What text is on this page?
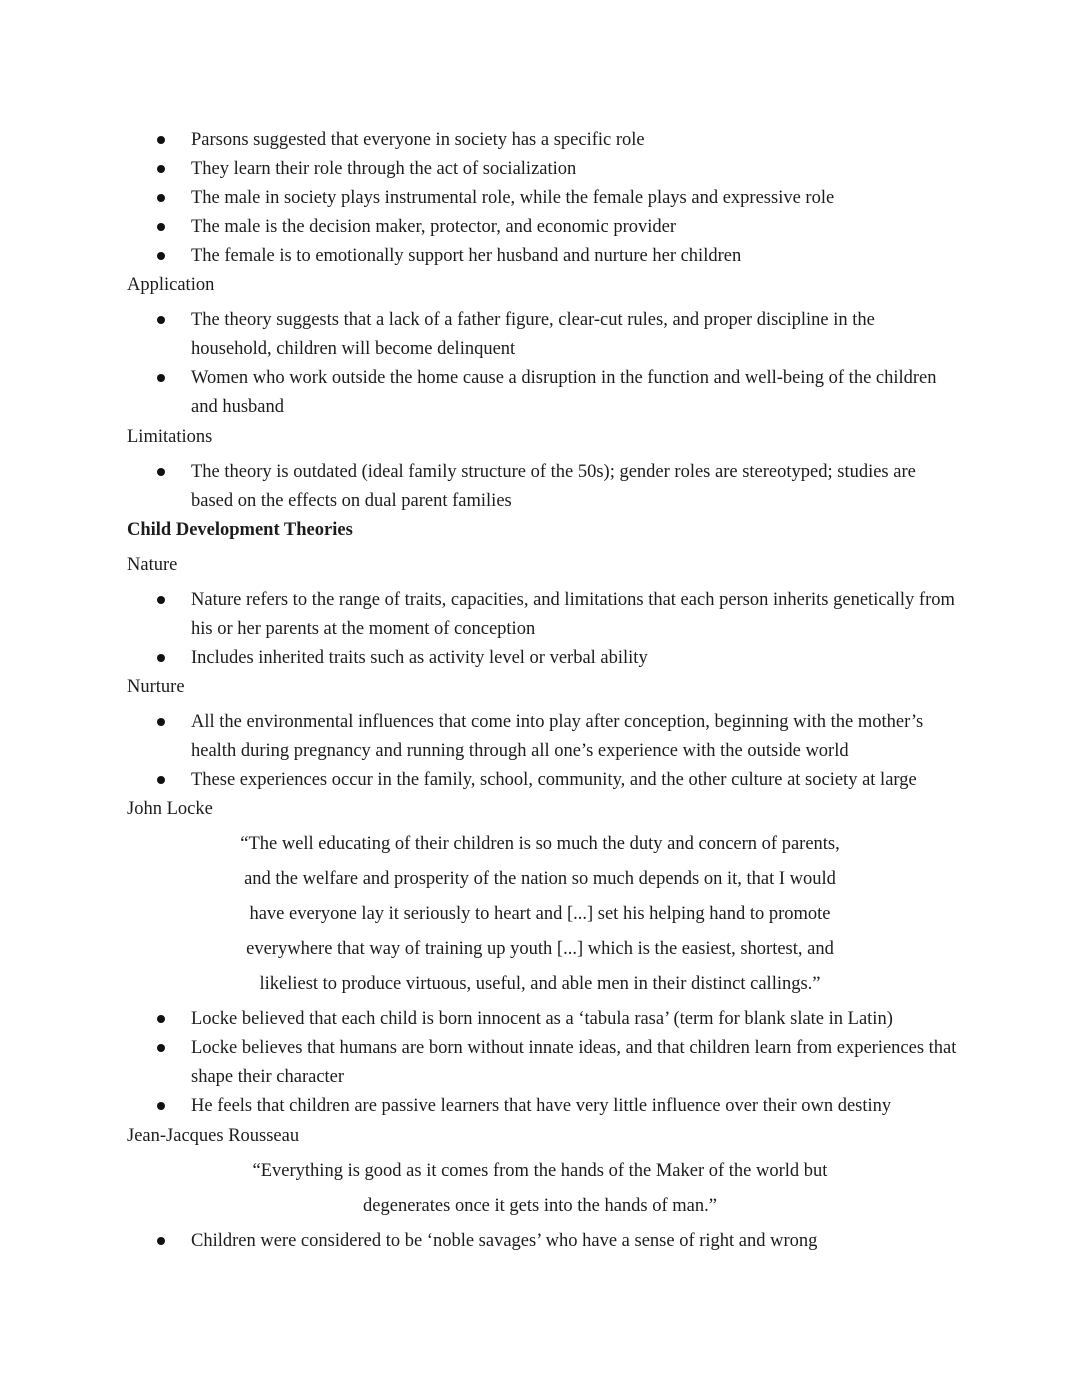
Parsons suggested that everyone in society has a specific role
They learn their role through the act of socialization
The male in society plays instrumental role, while the female plays and expressive role
The male is the decision maker, protector, and economic provider
The female is to emotionally support her husband and nurture her children
Application
The theory suggests that a lack of a father figure, clear-cut rules, and proper discipline in the household, children will become delinquent
Women who work outside the home cause a disruption in the function and well-being of the children and husband
Limitations
The theory is outdated (ideal family structure of the 50s); gender roles are stereotyped; studies are based on the effects on dual parent families
Child Development Theories
Nature
Nature refers to the range of traits, capacities, and limitations that each person inherits genetically from his or her parents at the moment of conception
Includes inherited traits such as activity level or verbal ability
Nurture
All the environmental influences that come into play after conception, beginning with the mother’s health during pregnancy and running through all one’s experience with the outside world
These experiences occur in the family, school, community, and the other culture at society at large
John Locke
“The well educating of their children is so much the duty and concern of parents,
and the welfare and prosperity of the nation so much depends on it, that I would
have everyone lay it seriously to heart and [...] set his helping hand to promote
everywhere that way of training up youth [...] which is the easiest, shortest, and
likeliest to produce virtuous, useful, and able men in their distinct callings.”
Locke believed that each child is born innocent as a ‘tabula rasa’ (term for blank slate in Latin)
Locke believes that humans are born without innate ideas, and that children learn from experiences that shape their character
He feels that children are passive learners that have very little influence over their own destiny
Jean-Jacques Rousseau
“Everything is good as it comes from the hands of the Maker of the world but
degenerates once it gets into the hands of man.”
Children were considered to be ‘noble savages’ who have a sense of right and wrong
